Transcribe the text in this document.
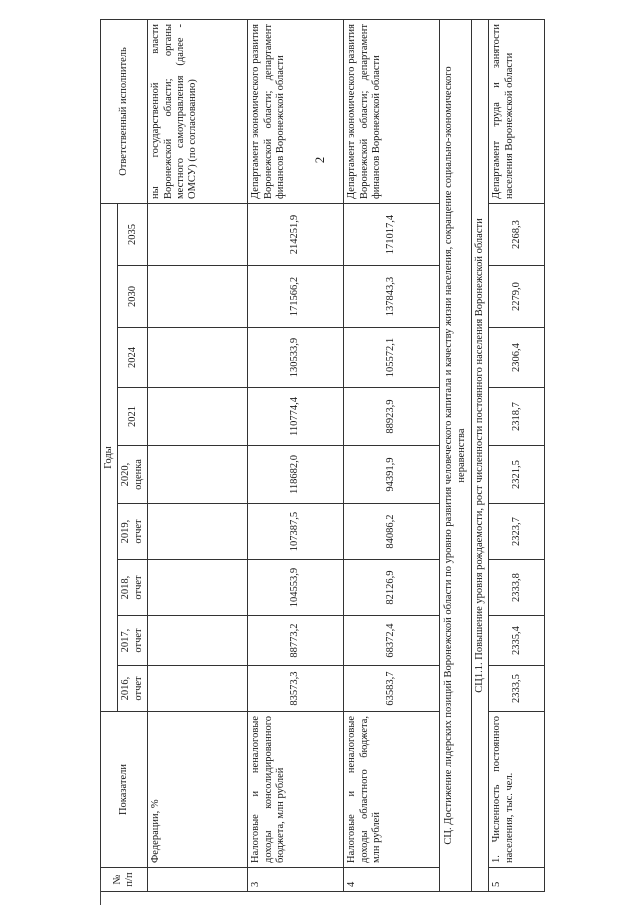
2
№ п/п	Показатели	Годы									Ответственный исполнитель
		2016, отчет	2017, отчет	2018, отчет	2019, отчет	2020, оценка	2021	2024	2030	2035	
	Федерации, %										ны государственной власти Воронежской области; органы местного самоуправления (далее - ОМСУ) (по согласованию)
3	Налоговые и неналоговые доходы консолидированного бюджета, млн рублей	83573,3	88773,2	104553,9	107387,5	118682,0	110774,4	130533,9	171566,2	214251,9	Департамент экономического развития Воронежской области; департамент финансов Воронежской области
4	Налоговые и неналоговые доходы областного бюджета, млн рублей	63583,7	68372,4	82126,9	84086,2	94391,9	88923,9	105572,1	137843,3	171017,4	Департамент экономического развития Воронежской области; департамент финансов Воронежской области
СЦ. Достижение лидерских позиций Воронежской области по уровню развития человеческого капитала и качеству жизни населения, сокращение социально-экономического неравенства											
СЦ1.1. Повышение уровня рождаемости, рост численности постоянного населения Воронежской области											
5	1. Численность постоянного населения, тыс. чел.	2333,5	2335,4	2333,8	2323,7	2321,5	2318,7	2306,4	2279,0	2268,3	Департамент труда и занятости населения Воронежской области
